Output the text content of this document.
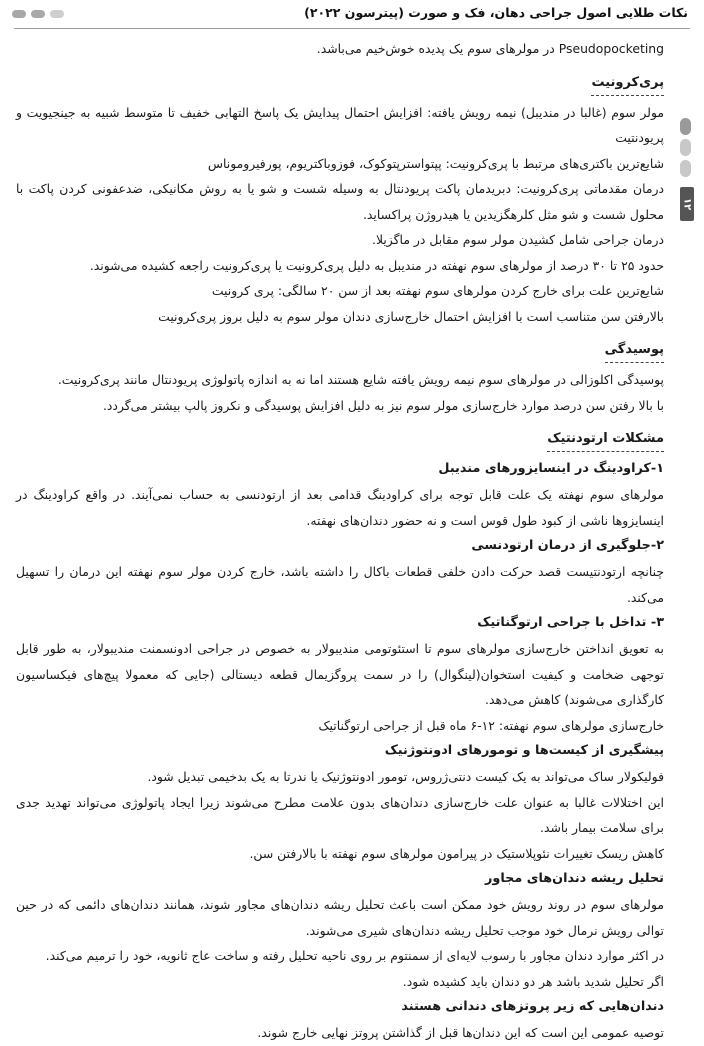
نکات طلایی اصول جراحی دهان، فک و صورت (پیترسون ۲۰۲۲)
۱۲

Pseudopocketing در مولرهای سوم یک پدیده خوش‌خیم می‌باشد.

پری‌کرونیت

مولر سوم (غالبا در مندیبل) نیمه رویش یافته: افزایش احتمال پیدایش یک پاسخ التهابی خفیف تا متوسط شبیه به جینجیویت و پریودنتیت

شایع‌ترین باکتری‌های مرتبط با پری‌کرونیت: پپتواسترپتوکوک، فوزوباکتریوم، پورفیروموناس

درمان مقدماتی پری‌کرونیت: دبریدمان پاکت پریودنتال به وسیله شست و شو یا به روش مکانیکی، ضدعفونی کردن پاکت با محلول شست و شو مثل کلرهگزیدین یا هیدروژن پراکساید.

درمان جراحی شامل کشیدن مولر سوم مقابل در ماگزیلا.

حدود ۲۵ تا ۳۰ درصد از مولرهای سوم نهفته در مندیبل به دلیل پری‌کرونیت یا پری‌کرونیت راجعه کشیده می‌شوند.

شایع‌ترین علت برای خارج کردن مولرهای سوم نهفته بعد از سن ۲۰ سالگی: پری کرونیت

بالارفتن سن متناسب است با افزایش احتمال خارج‌سازی دندان مولر سوم به دلیل بروز پری‌کرونیت

پوسیدگی

پوسیدگی اکلوزالی در مولرهای سوم نیمه رویش یافته شایع هستند اما نه به اندازه پاتولوژی پریودنتال مانند پری‌کرونیت.

با بالا رفتن سن درصد موارد خارج‌سازی مولر سوم نیز به دلیل افزایش پوسیدگی و نکروز پالپ بیشتر می‌گردد.

مشکلات ارتودنتیک

۱-کراودینگ در اینسایزورهای مندیبل

مولرهای سوم نهفته یک علت قابل توجه برای کراودینگ قدامی بعد از ارتودنسی به حساب نمی‌آیند. در واقع کراودینگ در اینسایزوها ناشی از کبود طول قوس است و نه حضور دندان‌های نهفته.

۲-جلوگیری از درمان ارتودنسی

چنانچه ارتودنتیست قصد حرکت دادن خلفی قطعات باکال را داشته باشد، خارج کردن مولر سوم نهفته این درمان را تسهیل می‌کند.

۳- تداخل با جراحی ارتوگناتیک

به تعویق انداختن خارج‌سازی مولرهای سوم تا استئوتومی مندیبولار به خصوص در جراحی ادونسمنت مندیبولار، به طور قابل توجهی ضخامت و کیفیت استخوان(لینگوال) را در سمت پروگزیمال قطعه دیستالی (جایی که معمولا پیچ‌های فیکساسیون کارگذاری می‌شوند) کاهش می‌دهد.

خارج‌سازی مولرهای سوم نهفته: ۱۲-۶ ماه قبل از جراحی ارتوگناتیک

پیشگیری از کیست‌ها و تومورهای ادونتوژنیک

فولیکولار ساک می‌تواند به یک کیست دنتی‌ژروس، تومور ادونتوژنیک یا ندرتا به یک بدخیمی تبدیل شود.

این اختلالات غالبا به عنوان علت خارج‌سازی دندان‌های بدون علامت مطرح می‌شوند زیرا ایجاد پاتولوژی می‌تواند تهدید جدی برای سلامت بیمار باشد.

کاهش ریسک تغییرات نئوپلاستیک در پیرامون مولرهای سوم نهفته با بالارفتن سن.

تحلیل ریشه دندان‌های مجاور

مولرهای سوم در روند رویش خود ممکن است باعث تحلیل ریشه دندان‌های مجاور شوند، همانند دندان‌های دائمی که در حین توالی رویش نرمال خود موجب تحلیل ریشه دندان‌های شیری می‌شوند.

در اکثر موارد دندان مجاور با رسوب لایه‌ای از سمنتوم بر روی ناحیه تحلیل رفته و ساخت عاج ثانویه، خود را ترمیم می‌کند.

اگر تحلیل شدید باشد هر دو دندان باید کشیده شود.

دندان‌هایی که زیر پروتزهای دندانی هستند

توصیه عمومی این است که این دندان‌ها قبل از گذاشتن پروتز نهایی خارج شوند.
